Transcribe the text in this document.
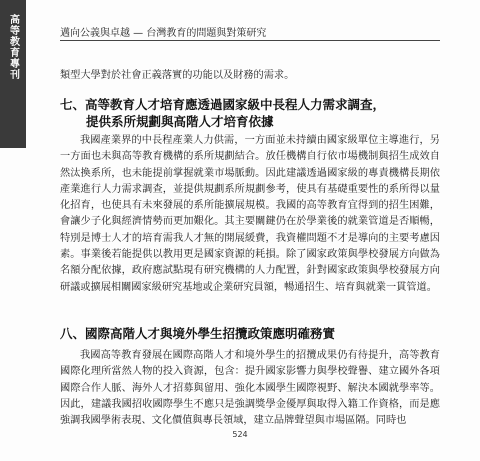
高等教育專刊	邁向公義與卓越 — 台灣教育的問題與對策研究
類型大學對於社會正義落實的功能以及財務的需求。
七、高等教育人才培育應透過國家級中長程人力需求調查，
提供系所規劃與高階人才培育依據
我國產業界的中長程產業人力供需，一方面並未持續由國家級單位主導進行，另一方面也未與高等教育機構的系所規劃結合。放任機構自行依市場機制與招生成效自然汰換系所，也未能提前掌握就業市場脈動。因此建議透過國家級的專責機構長期依產業進行人力需求調查，並提供規劃系所規劃參考，使具有基礎重要性的系所得以量化招育，也使具有未來發展的系所能擴展規模。我國的高等教育宜得到的招生困難，會讓少子化與經濟情勢而更加艱化。其主要關鍵仍在於學業後的就業管道是否順暢，特別是博士人才的培育需我人才無的開展緩費，我資權問題不才是導向的主要考慮因素。事業後若能提供以教用更是國家資源的耗損。除了國家政策與學校發展方向做為名額分配依據，政府應試點現有研究機構的人力配置，針對國家政策與學校發展方向研議或擴展相關國家級研究基地或企業研究員額，暢通招生、培育與就業一貫管道。
八、國際高階人才與境外學生招攬政策應明確務實
我國高等教育發展在國際高階人才和境外學生的招攬成果仍有待提升，高等教育國際化理所當然人物的投入資源，包含：提升國家影響力與學校聲譽、建立國外各項國際合作人脈、海外人才招募與留用、強化本國學生國際視野、解決本國就學率等。因此，建議我國招收國際學生不應只是強調獎學金優厚與取得入籍工作資格，而是應強調我國學術表現、文化價值與專長領域，建立品牌聲望與市場區隔。同時也
524
